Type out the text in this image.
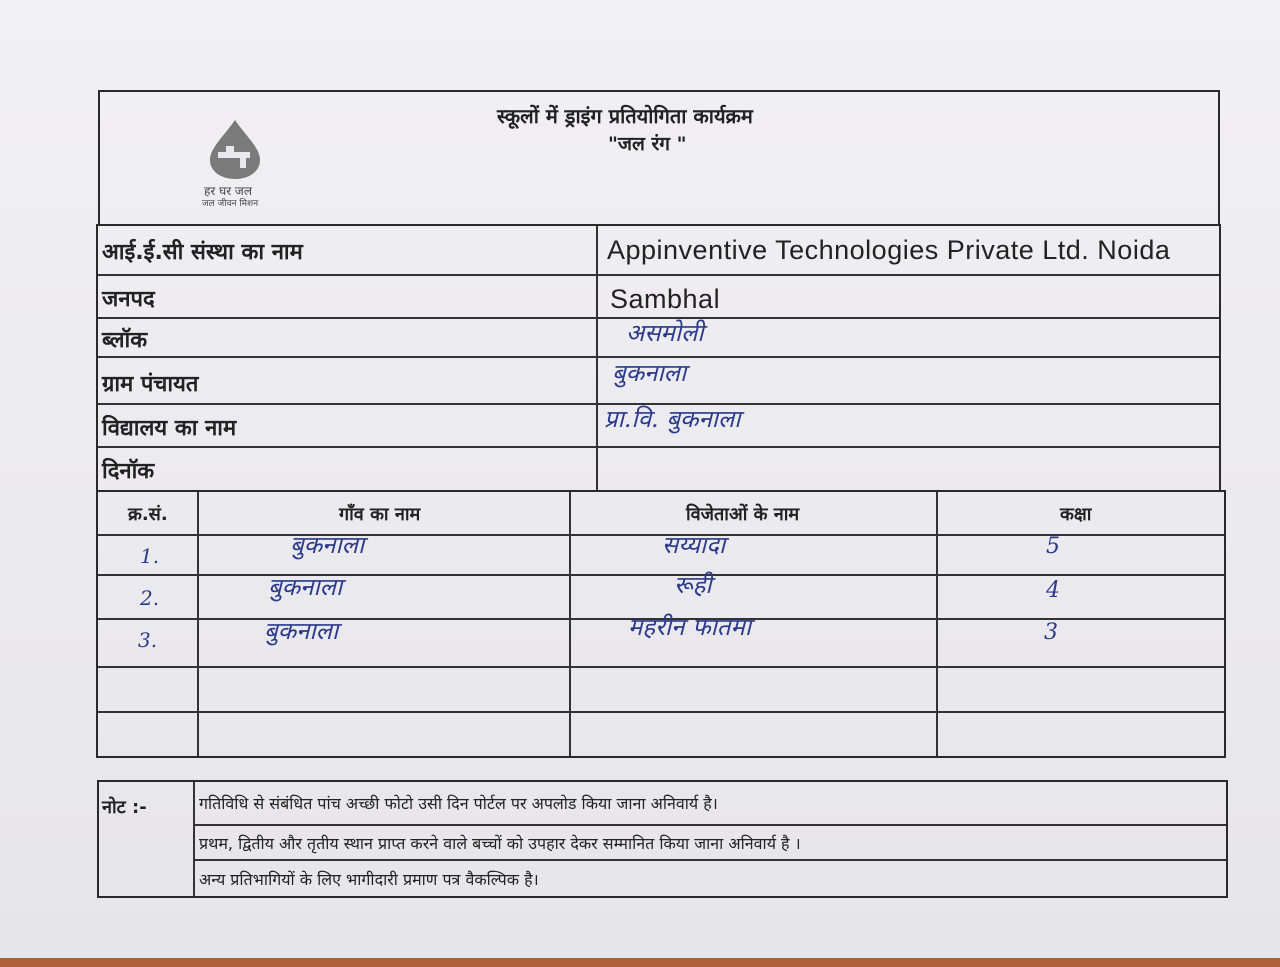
हर घर जल
जल जीवन मिशन
स्कूलों में ड्राइंग प्रतियोगिता कार्यक्रम
"जल रंग "
आई.ई.सी संस्था का नाम	Appinventive Technologies Private Ltd. Noida
जनपद	Sambhal
ब्लॉक	असमोली
ग्राम पंचायत	बुकनाला
विद्यालय का नाम	प्रा.वि. बुकनाला
दिनॉक
क्र.सं.	गाँव का नाम	विजेताओं के नाम	कक्षा
1.	बुकनाला	सय्यादा	5
2.	बुकनाला	रूही	4
3.	बुकनाला	महरीन फातमा	3
नोट :-	गतिविधि से संबंधित पांच अच्छी फोटो उसी दिन पोर्टल पर अपलोड किया जाना अनिवार्य है।
प्रथम, द्वितीय और तृतीय स्थान प्राप्त करने वाले बच्चों को उपहार देकर सम्मानित किया जाना अनिवार्य है ।
अन्य प्रतिभागियों के लिए भागीदारी प्रमाण पत्र वैकल्पिक है।
